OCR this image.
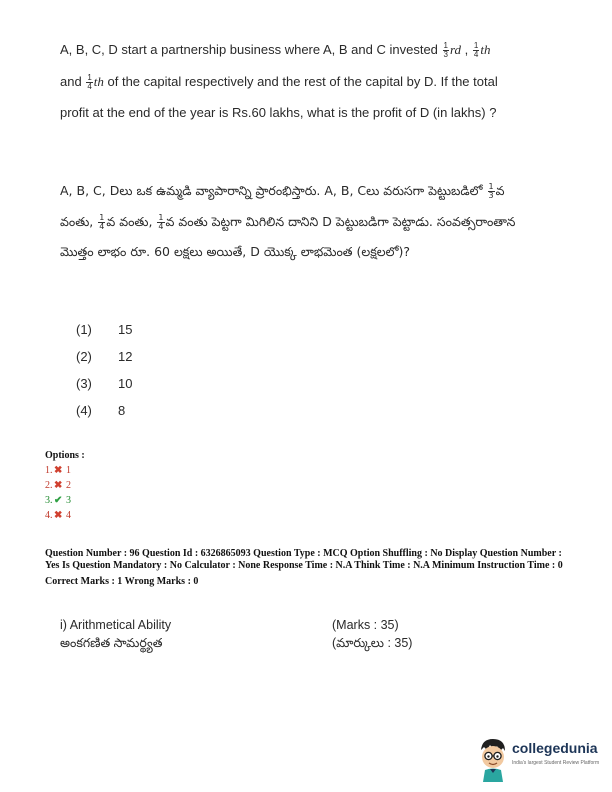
A, B, C, D start a partnership business where A, B and C invested $\frac{1}{3}$ rd , $\frac{1}{4}$ th
and $\frac{1}{4}$ th of the capital respectively and the rest of the capital by D. If the total profit at the end of the year is Rs.60 lakhs, what is the profit of D (in lakhs) ?
A, B, C, Dలు ఒక ఉమ్మడి వ్యాపారాన్ని ప్రారంభిస్తారు. A, B, Cలు వరుసగా పెట్టుబడిలో $\frac{1}{3}$ వ వంతు, $\frac{1}{4}$ వ వంతు, $\frac{1}{4}$ వ వంతు పెట్టగా మిగిలిన దానిని D పెట్టుబడిగా పెట్టాడు. సంవత్సరాంతాన మొత్తం లాభం రూ. 60 లక్షలు అయితే, D యొక్క లాభమెంత (లక్షలలో)?
(1)	15
(2)	12
(3)	10
(4)	8
Options :
1. ✖ 1
2. ✖ 2
3. ✔ 3
4. ✖ 4
Question Number : 96 Question Id : 6326865093 Question Type : MCQ Option Shuffling : No Display Question Number : Yes Is Question Mandatory : No Calculator : None Response Time : N.A Think Time : N.A Minimum Instruction Time : 0
Correct Marks : 1 Wrong Marks : 0
i) Arithmetical Ability	(Marks : 35)
అంకగణిత సామర్థ్యత	(మార్కులు : 35)
collegedunia
India's largest Student Review Platform
